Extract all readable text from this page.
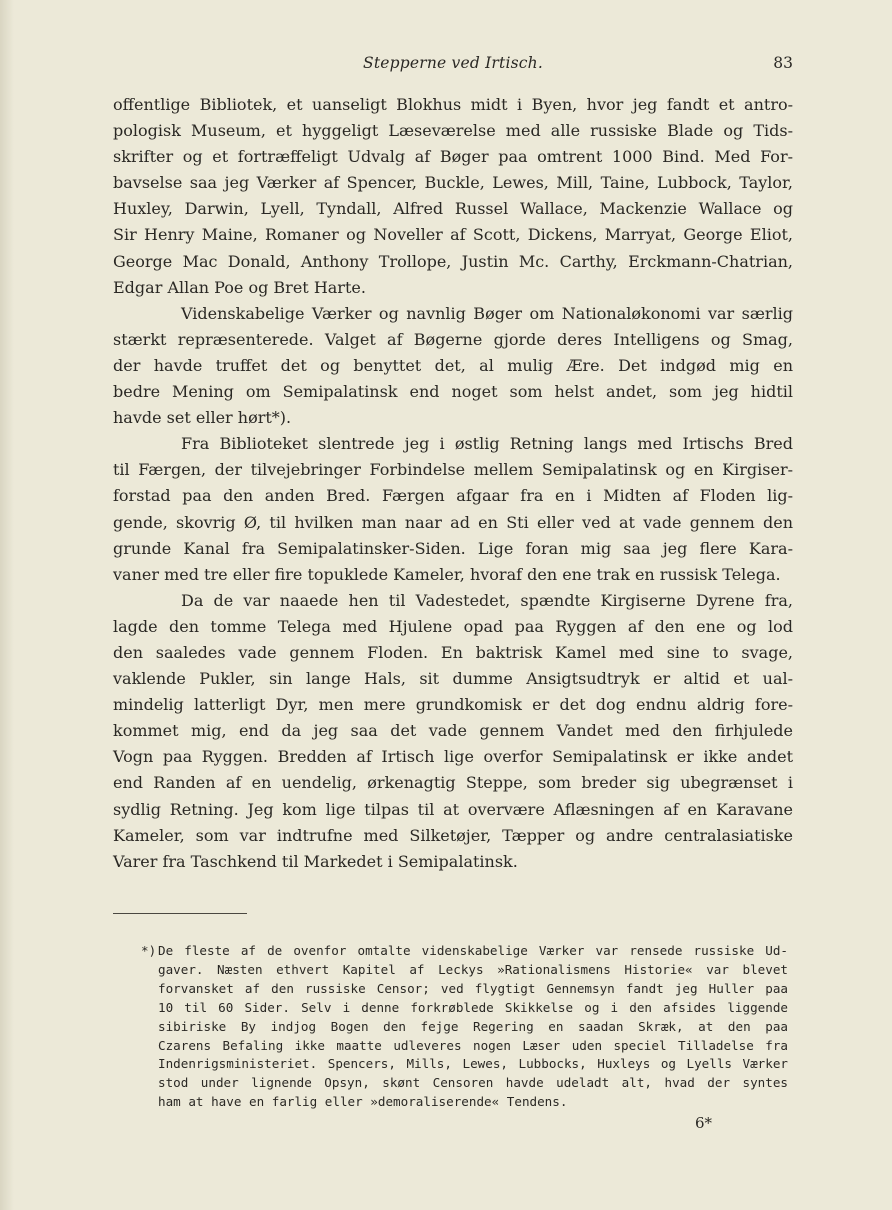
Stepperne ved Irtisch.	83
offentlige Bibliotek, et uanseligt Blokhus midt i Byen, hvor jeg fandt et antro-
pologisk Museum, et hyggeligt Læseværelse med alle russiske Blade og Tids-
skrifter og et fortræffeligt Udvalg af Bøger paa omtrent 1000 Bind. Med For-
bavselse saa jeg Værker af Spencer, Buckle, Lewes, Mill, Taine, Lubbock, Taylor,
Huxley, Darwin, Lyell, Tyndall, Alfred Russel Wallace, Mackenzie Wallace og
Sir Henry Maine, Romaner og Noveller af Scott, Dickens, Marryat, George Eliot,
George Mac Donald, Anthony Trollope, Justin Mc. Carthy, Erckmann-Chatrian,
Edgar Allan Poe og Bret Harte.
Videnskabelige Værker og navnlig Bøger om Nationaløkonomi var særlig
stærkt repræsenterede. Valget af Bøgerne gjorde deres Intelligens og Smag,
der havde truffet det og benyttet det, al mulig Ære. Det indgød mig en
bedre Mening om Semipalatinsk end noget som helst andet, som jeg hidtil
havde set eller hørt*).
Fra Biblioteket slentrede jeg i østlig Retning langs med Irtischs Bred
til Færgen, der tilvejebringer Forbindelse mellem Semipalatinsk og en Kirgiser-
forstad paa den anden Bred. Færgen afgaar fra en i Midten af Floden lig-
gende, skovrig Ø, til hvilken man naar ad en Sti eller ved at vade gennem den
grunde Kanal fra Semipalatinsker-Siden. Lige foran mig saa jeg flere Kara-
vaner med tre eller fire topuklede Kameler, hvoraf den ene trak en russisk Telega.
Da de var naaede hen til Vadestedet, spændte Kirgiserne Dyrene fra,
lagde den tomme Telega med Hjulene opad paa Ryggen af den ene og lod
den saaledes vade gennem Floden. En baktrisk Kamel med sine to svage,
vaklende Pukler, sin lange Hals, sit dumme Ansigtsudtryk er altid et ual-
mindelig latterligt Dyr, men mere grundkomisk er det dog endnu aldrig fore-
kommet mig, end da jeg saa det vade gennem Vandet med den firhjulede
Vogn paa Ryggen. Bredden af Irtisch lige overfor Semipalatinsk er ikke andet
end Randen af en uendelig, ørkenagtig Steppe, som breder sig ubegrænset i
sydlig Retning. Jeg kom lige tilpas til at overvære Aflæsningen af en Karavane
Kameler, som var indtrufne med Silketøjer, Tæpper og andre centralasiatiske
Varer fra Taschkend til Markedet i Semipalatinsk.
*) De fleste af de ovenfor omtalte videnskabelige Værker var rensede russiske Ud-
gaver. Næsten ethvert Kapitel af Leckys »Rationalismens Historie« var blevet
forvansket af den russiske Censor; ved flygtigt Gennemsyn fandt jeg Huller paa
10 til 60 Sider. Selv i denne forkrøblede Skikkelse og i den afsides liggende
sibiriske By indjog Bogen den fejge Regering en saadan Skræk, at den paa
Czarens Befaling ikke maatte udleveres nogen Læser uden speciel Tilladelse fra
Indenrigsministeriet. Spencers, Mills, Lewes, Lubbocks, Huxleys og Lyells Værker
stod under lignende Opsyn, skønt Censoren havde udeladt alt, hvad der syntes
ham at have en farlig eller »demoraliserende« Tendens.
6*
